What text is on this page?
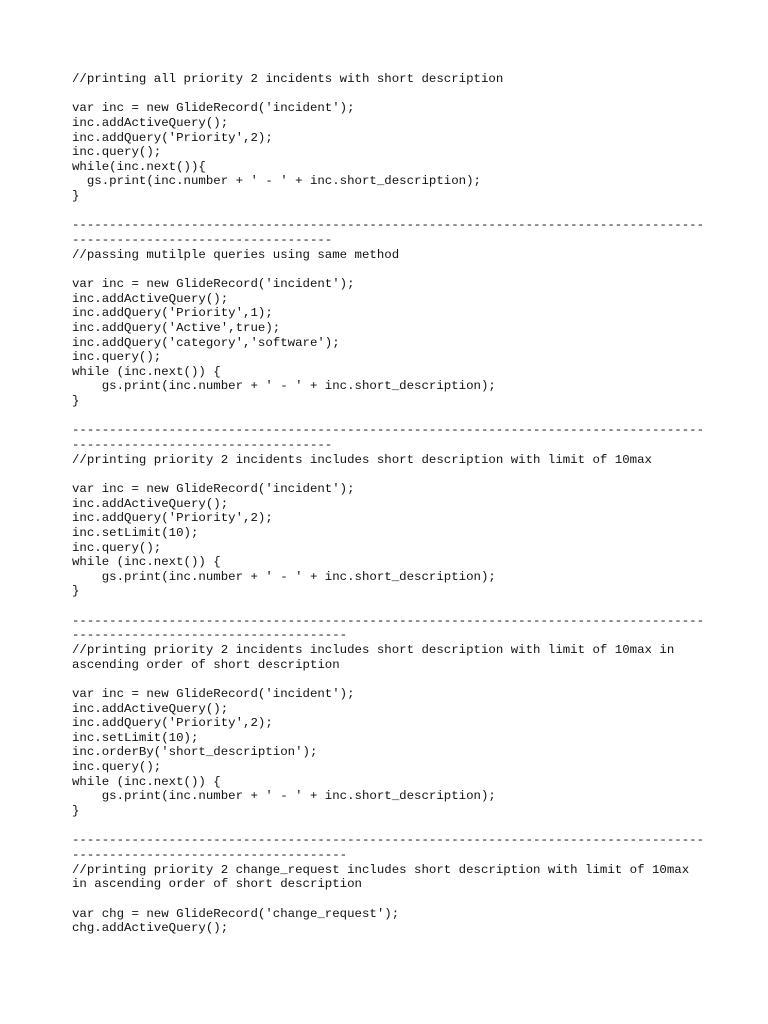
//printing all priority 2 incidents with short description
var inc = new GlideRecord('incident');
inc.addActiveQuery();
inc.addQuery('Priority',2);
inc.query();
while(inc.next()){
gs.print(inc.number + ' - ' + inc.short_description);
}
-------------------------------------------------------------------------------------
-----------------------------------
//passing mutilple queries using same method
var inc = new GlideRecord('incident');
inc.addActiveQuery();
inc.addQuery('Priority',1);
inc.addQuery('Active',true);
inc.addQuery('category','software');
inc.query();
while (inc.next()) {
gs.print(inc.number + ' - ' + inc.short_description);
}
-------------------------------------------------------------------------------------
-----------------------------------
//printing priority 2 incidents includes short description with limit of 10max
var inc = new GlideRecord('incident');
inc.addActiveQuery();
inc.addQuery('Priority',2);
inc.setLimit(10);
inc.query();
while (inc.next()) {
gs.print(inc.number + ' - ' + inc.short_description);
}
-------------------------------------------------------------------------------------
-------------------------------------
//printing priority 2 incidents includes short description with limit of 10max in
ascending order of short description
var inc = new GlideRecord('incident');
inc.addActiveQuery();
inc.addQuery('Priority',2);
inc.setLimit(10);
inc.orderBy('short_description');
inc.query();
while (inc.next()) {
gs.print(inc.number + ' - ' + inc.short_description);
}
-------------------------------------------------------------------------------------
-------------------------------------
//printing priority 2 change_request includes short description with limit of 10max
in ascending order of short description
var chg = new GlideRecord('change_request');
chg.addActiveQuery();
